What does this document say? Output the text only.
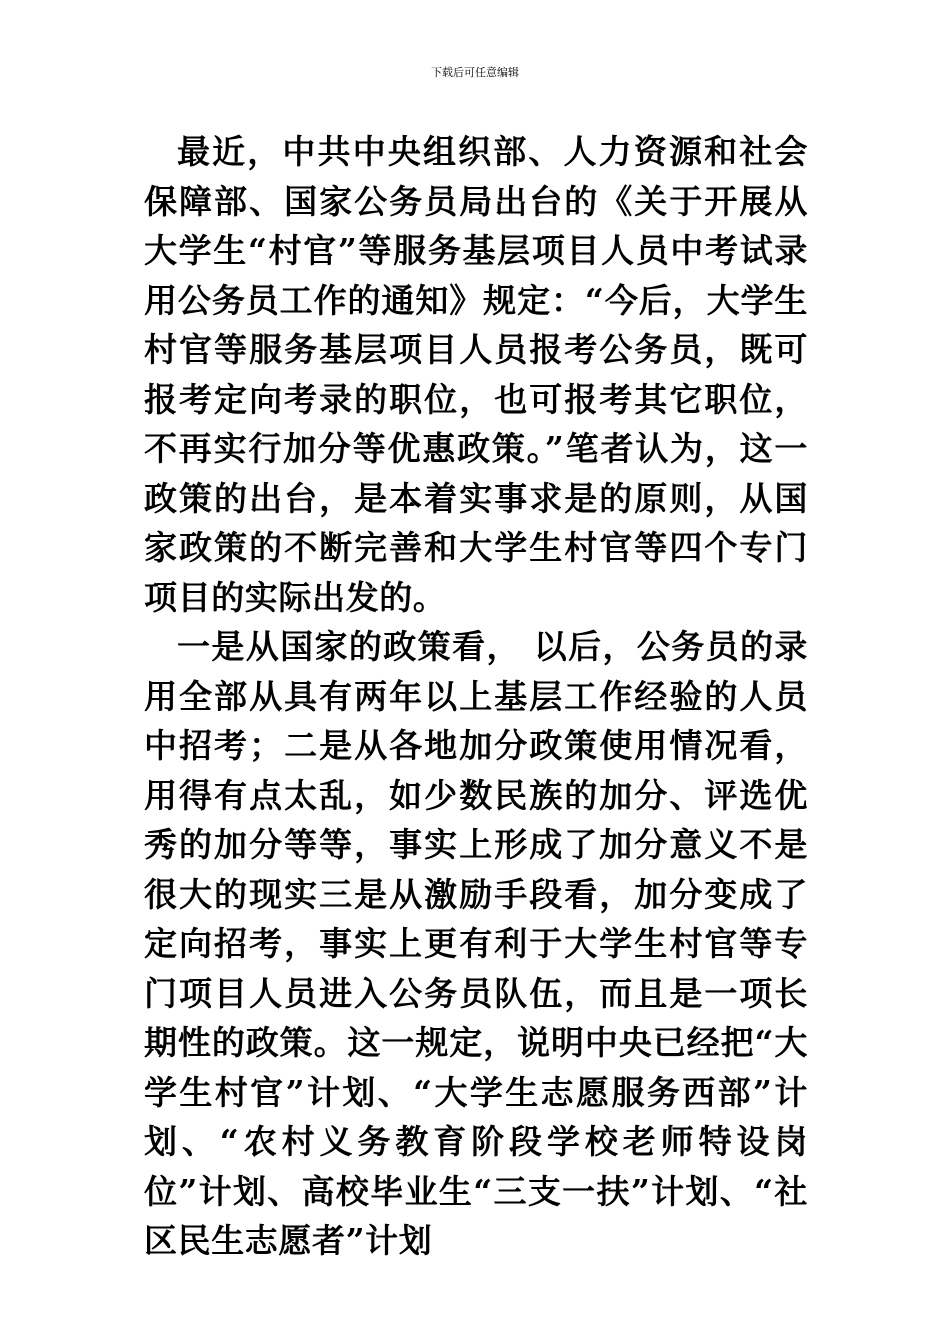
下载后可任意编辑

最近，中共中央组织部、人力资源和社会保障部、国家公务员局出台的《关于开展从大学生“村官”等服务基层项目人员中考试录用公务员工作的通知》规定：“今后，大学生村官等服务基层项目人员报考公务员，既可报考定向考录的职位，也可报考其它职位，不再实行加分等优惠政策。”笔者认为，这一政策的出台，是本着实事求是的原则，从国家政策的不断完善和大学生村官等四个专门项目的实际出发的。

一是从国家的政策看， 以后，公务员的录用全部从具有两年以上基层工作经验的人员中招考；二是从各地加分政策使用情况看，用得有点太乱，如少数民族的加分、评选优秀的加分等等，事实上形成了加分意义不是很大的现实三是从激励手段看，加分变成了定向招考，事实上更有利于大学生村官等专门项目人员进入公务员队伍，而且是一项长期性的政策。这一规定，说明中央已经把“大学生村官”计划、“大学生志愿服务西部”计划、“农村义务教育阶段学校老师特设岗位”计划、高校毕业生“三支一扶”计划、“社区民生志愿者”计划
